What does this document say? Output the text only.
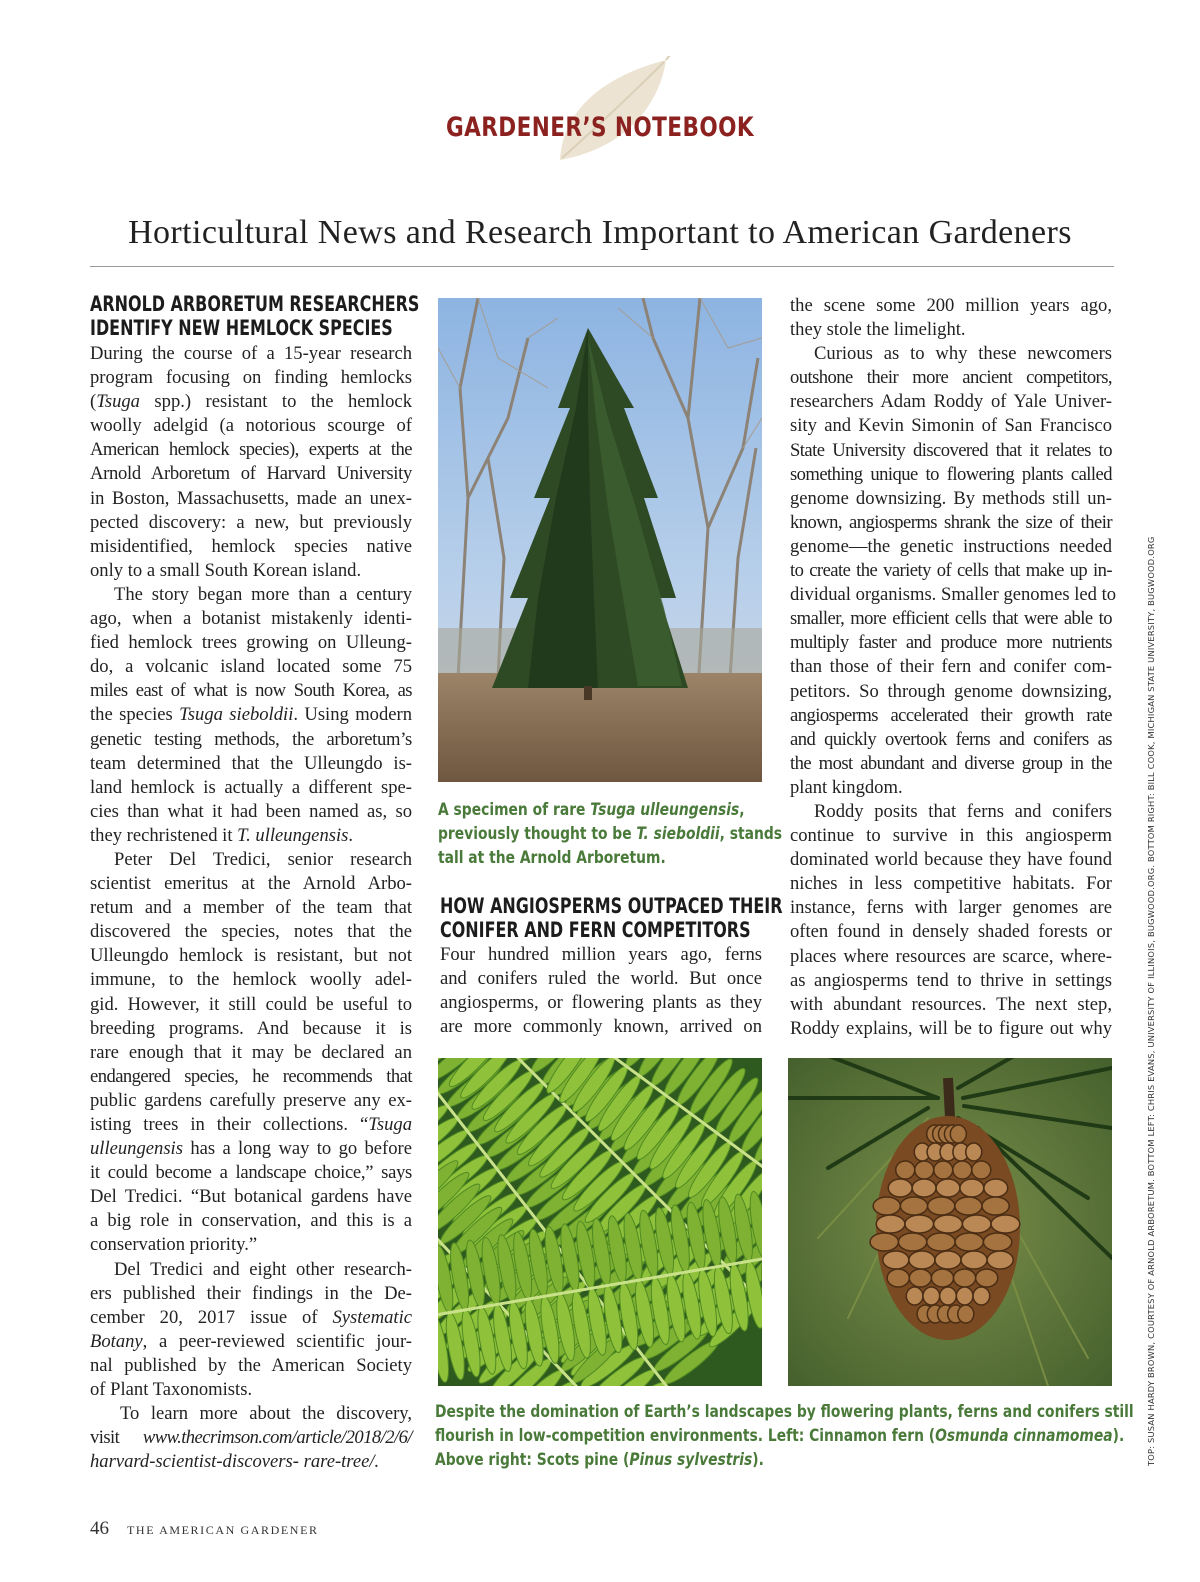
GARDENER’S NOTEBOOK
Horticultural News and Research Important to American Gardeners
ARNOLD ARBORETUM RESEARCHERS
IDENTIFY NEW HEMLOCK SPECIES
During the course of a 15-year research
program focusing on finding hemlocks
(Tsuga spp.) resistant to the hemlock
woolly adelgid (a notorious scourge of
American hemlock species), experts at the
Arnold Arboretum of Harvard University
in Boston, Massachusetts, made an unex-
pected discovery: a new, but previously
misidentified, hemlock species native
only to a small South Korean island.
The story began more than a century
ago, when a botanist mistakenly identi-
fied hemlock trees growing on Ulleung-
do, a volcanic island located some 75
miles east of what is now South Korea, as
the species Tsuga sieboldii. Using modern
genetic testing methods, the arboretum’s
team determined that the Ulleungdo is-
land hemlock is actually a different spe-
cies than what it had been named as, so
they rechristened it T. ulleungensis.
Peter Del Tredici, senior research
scientist emeritus at the Arnold Arbo-
retum and a member of the team that
discovered the species, notes that the
Ulleungdo hemlock is resistant, but not
immune, to the hemlock woolly adel-
gid. However, it still could be useful to
breeding programs. And because it is
rare enough that it may be declared an
endangered species, he recommends that
public gardens carefully preserve any ex-
isting trees in their collections. “Tsuga
ulleungensis has a long way to go before
it could become a landscape choice,” says
Del Tredici. “But botanical gardens have
a big role in conservation, and this is a
conservation priority.”
Del Tredici and eight other research-
ers published their findings in the De-
cember 20, 2017 issue of Systematic
Botany, a peer-reviewed scientific jour-
nal published by the American Society
of Plant Taxonomists.
To learn more about the discovery,
visit www.thecrimson.com/article/2018/2/6/
harvard-scientist-discovers- rare-tree/.
A specimen of rare Tsuga ulleungensis,
previously thought to be T. sieboldii, stands
tall at the Arnold Arboretum.
HOW ANGIOSPERMS OUTPACED THEIR
CONIFER AND FERN COMPETITORS
Four hundred million years ago, ferns
and conifers ruled the world. But once
angiosperms, or flowering plants as they
are more commonly known, arrived on
the scene some 200 million years ago,
they stole the limelight.
Curious as to why these newcomers
outshone their more ancient competitors,
researchers Adam Roddy of Yale Univer-
sity and Kevin Simonin of San Francisco
State University discovered that it relates to
something unique to flowering plants called
genome downsizing. By methods still un-
known, angiosperms shrank the size of their
genome—the genetic instructions needed
to create the variety of cells that make up in-
dividual organisms. Smaller genomes led to
smaller, more efficient cells that were able to
multiply faster and produce more nutrients
than those of their fern and conifer com-
petitors. So through genome downsizing,
angiosperms accelerated their growth rate
and quickly overtook ferns and conifers as
the most abundant and diverse group in the
plant kingdom.
Roddy posits that ferns and conifers
continue to survive in this angiosperm
dominated world because they have found
niches in less competitive habitats. For
instance, ferns with larger genomes are
often found in densely shaded forests or
places where resources are scarce, where-
as angiosperms tend to thrive in settings
with abundant resources. The next step,
Roddy explains, will be to figure out why
Despite the domination of Earth’s landscapes by flowering plants, ferns and conifers still
flourish in low-competition environments. Left: Cinnamon fern (Osmunda cinnamomea).
Above right: Scots pine (Pinus sylvestris).	TOP: SUSAN HARDY BROWN, COURTESY OF ARNOLD ARBORETUM. BOTTOM LEFT: CHRIS EVANS, UNIVERSITY OF ILLINOIS, BUGWOOD.ORG. BOTTOM RIGHT: BILL COOK, MICHIGAN STATE UNIVERSITY, BUGWOOD.ORG
46 THE AMERICAN GARDENER
